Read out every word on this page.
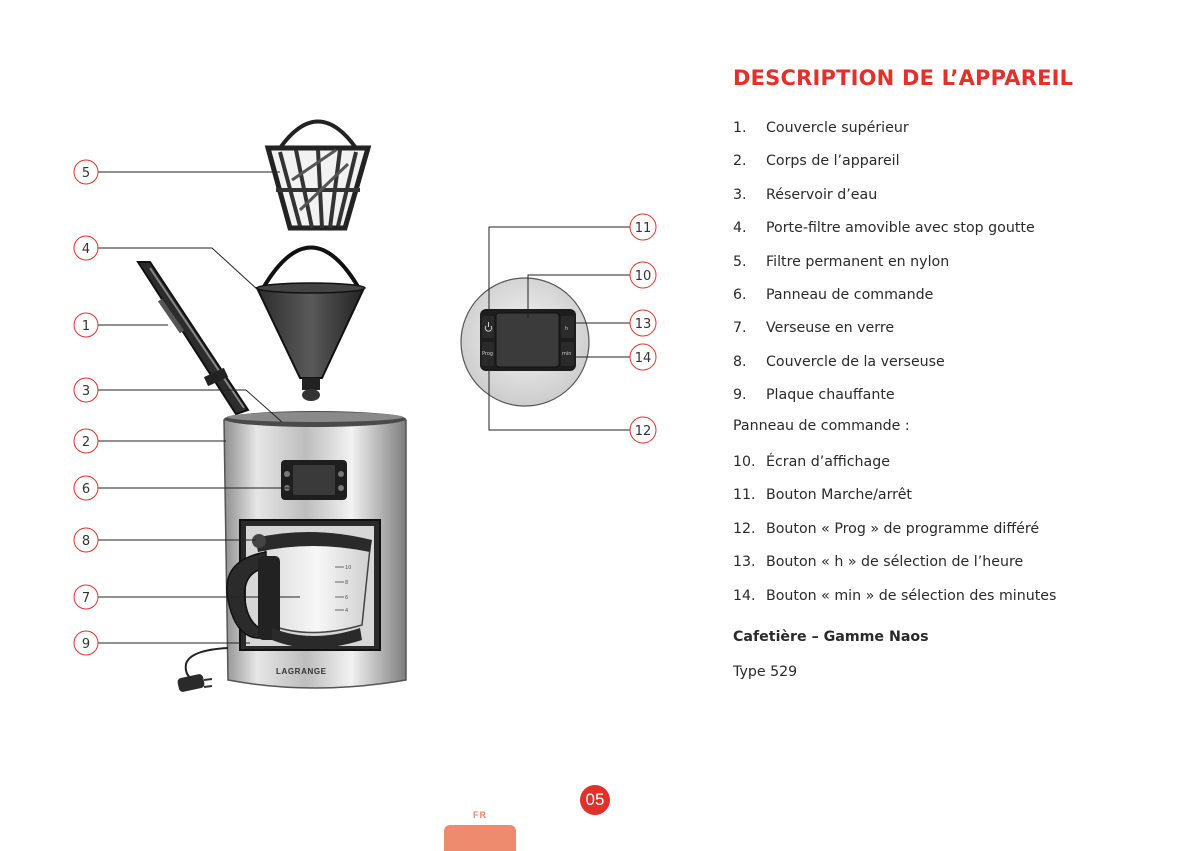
LAGRANGE
10
8
6
4
Prog
h
min
5
4
1
3
2
6
8
7
9
11
10
13
14
12
DESCRIPTION DE L’APPAREIL
1. Couvercle supérieur
2. Corps de l’appareil
3. Réservoir d’eau
4. Porte-filtre amovible avec stop goutte
5. Filtre permanent en nylon
6. Panneau de commande
7. Verseuse en verre
8. Couvercle de la verseuse
9. Plaque chauffante
Panneau de commande :
10. Écran d’affichage
11. Bouton Marche/arrêt
12. Bouton « Prog » de programme différé
13. Bouton « h » de sélection de l’heure
14. Bouton « min » de sélection des minutes
Cafetière – Gamme Naos
Type 529
05
FR
